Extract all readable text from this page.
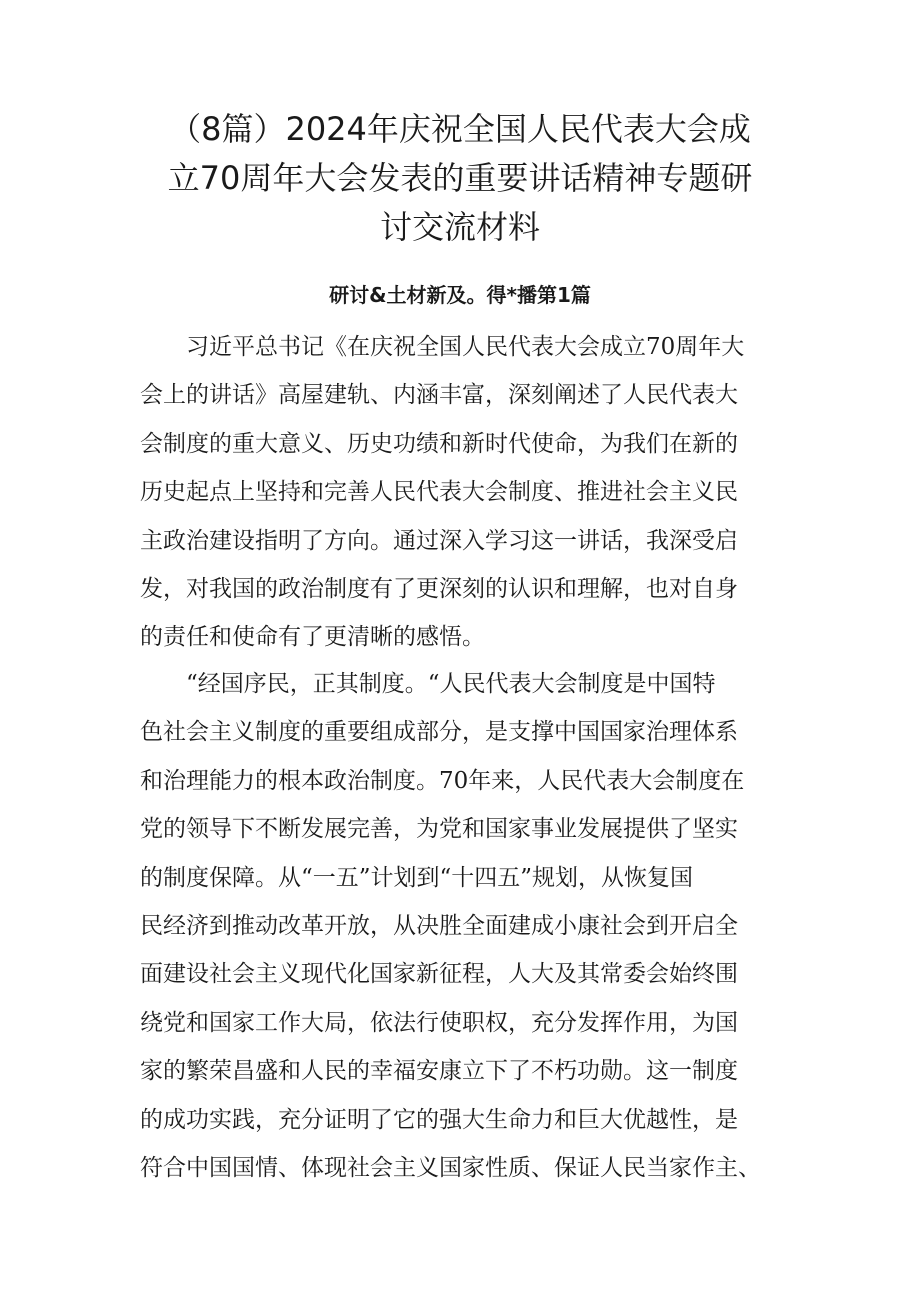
（8篇）2024年庆祝全国人民代表大会成
立70周年大会发表的重要讲话精神专题研
讨交流材料

研讨&土材新及。得*播第1篇

习近平总书记《在庆祝全国人民代表大会成立70周年大
会上的讲话》高屋建轨、内涵丰富，深刻阐述了人民代表大
会制度的重大意义、历史功绩和新时代使命，为我们在新的
历史起点上坚持和完善人民代表大会制度、推进社会主义民
主政治建设指明了方向。通过深入学习这一讲话，我深受启
发，对我国的政治制度有了更深刻的认识和理解，也对自身
的责任和使命有了更清晰的感悟。
“经国序民，正其制度。“人民代表大会制度是中国特
色社会主义制度的重要组成部分，是支撑中国国家治理体系
和治理能力的根本政治制度。70年来，人民代表大会制度在
党的领导下不断发展完善，为党和国家事业发展提供了坚实
的制度保障。从“一五”计划到“十四五”规划，从恢复国
民经济到推动改革开放，从决胜全面建成小康社会到开启全
面建设社会主义现代化国家新征程，人大及其常委会始终围
绕党和国家工作大局，依法行使职权，充分发挥作用，为国
家的繁荣昌盛和人民的幸福安康立下了不朽功勋。这一制度
的成功实践，充分证明了它的强大生命力和巨大优越性，是
符合中国国情、体现社会主义国家性质、保证人民当家作主、
